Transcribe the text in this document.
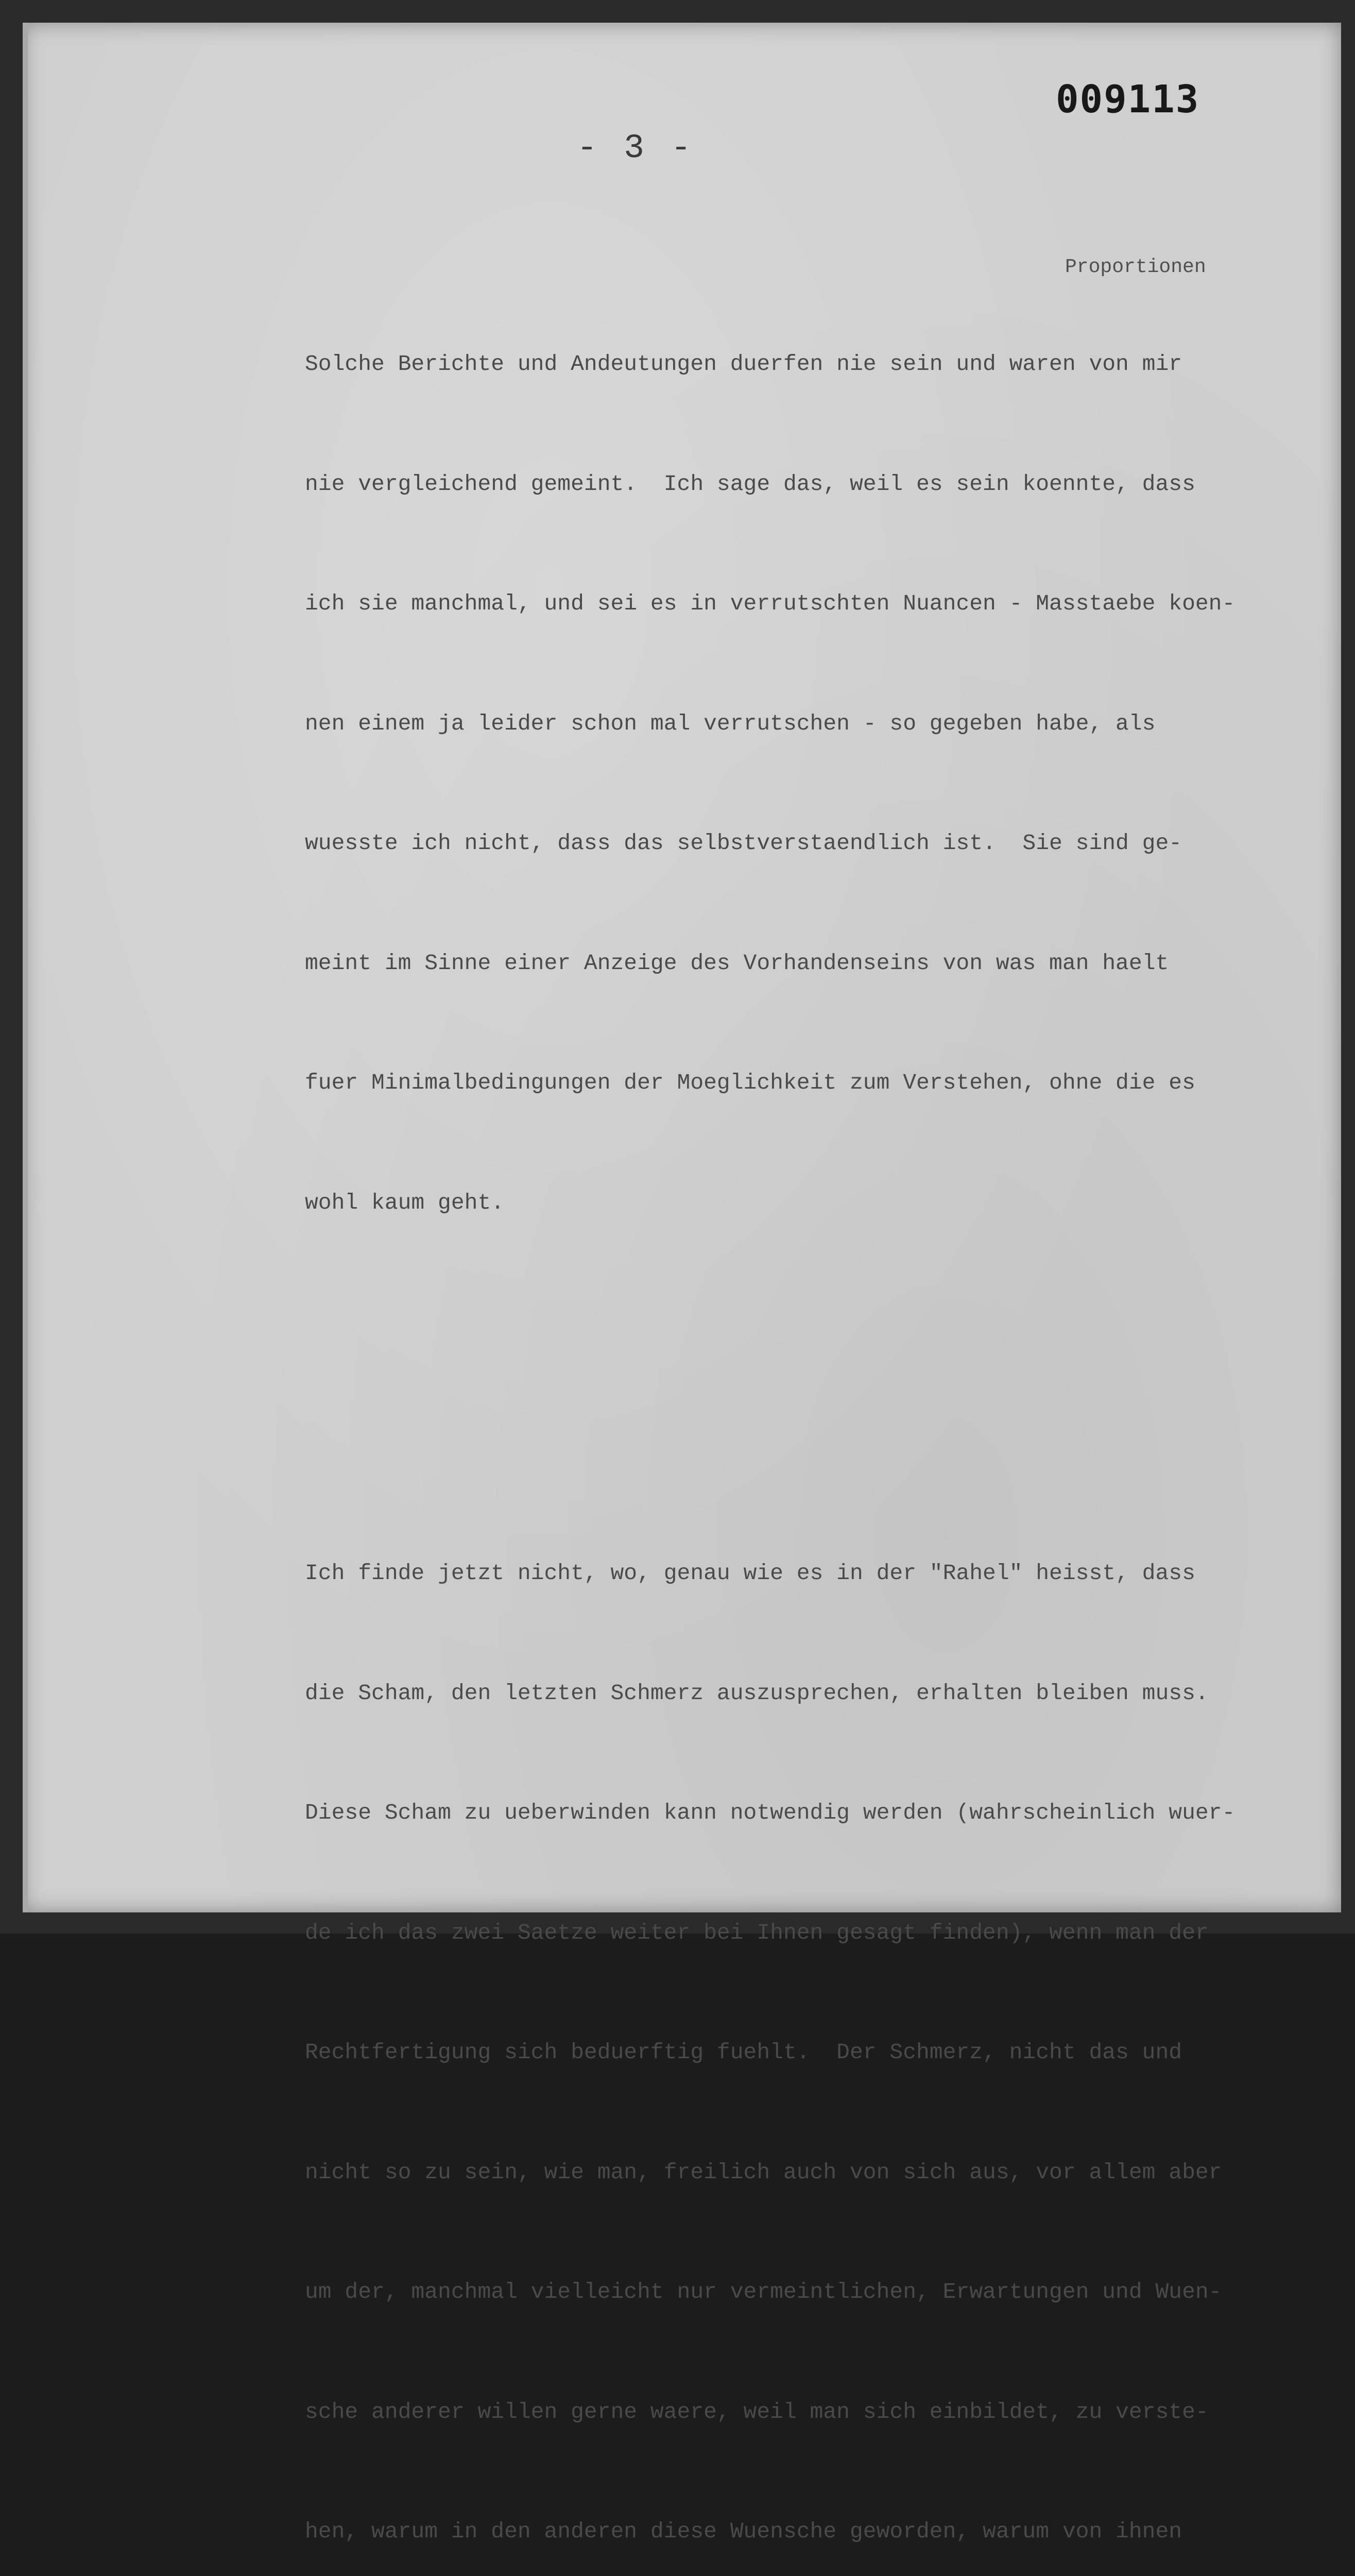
009113
- 3 -
Proportionen

Solche Berichte und Andeutungen duerfen nie sein und waren von mir

nie vergleichend gemeint.  Ich sage das, weil es sein koennte, dass

ich sie manchmal, und sei es in verrutschten Nuancen - Masstaebe koen-

nen einem ja leider schon mal verrutschen - so gegeben habe, als

wuesste ich nicht, dass das selbstverstaendlich ist.  Sie sind ge-

meint im Sinne einer Anzeige des Vorhandenseins von was man haelt

fuer Minimalbedingungen der Moeglichkeit zum Verstehen, ohne die es

wohl kaum geht.

Ich finde jetzt nicht, wo, genau wie es in der "Rahel" heisst, dass

die Scham, den letzten Schmerz auszusprechen, erhalten bleiben muss.

Diese Scham zu ueberwinden kann notwendig werden (wahrscheinlich wuer-

de ich das zwei Saetze weiter bei Ihnen gesagt finden), wenn man der

Rechtfertigung sich beduerftig fuehlt.  Der Schmerz, nicht das und

nicht so zu sein, wie man, freilich auch von sich aus, vor allem aber

um der, manchmal vielleicht nur vermeintlichen, Erwartungen und Wuen-

sche anderer willen gerne waere, weil man sich einbildet, zu verste-

hen, warum in den anderen diese Wuensche geworden, warum von ihnen
